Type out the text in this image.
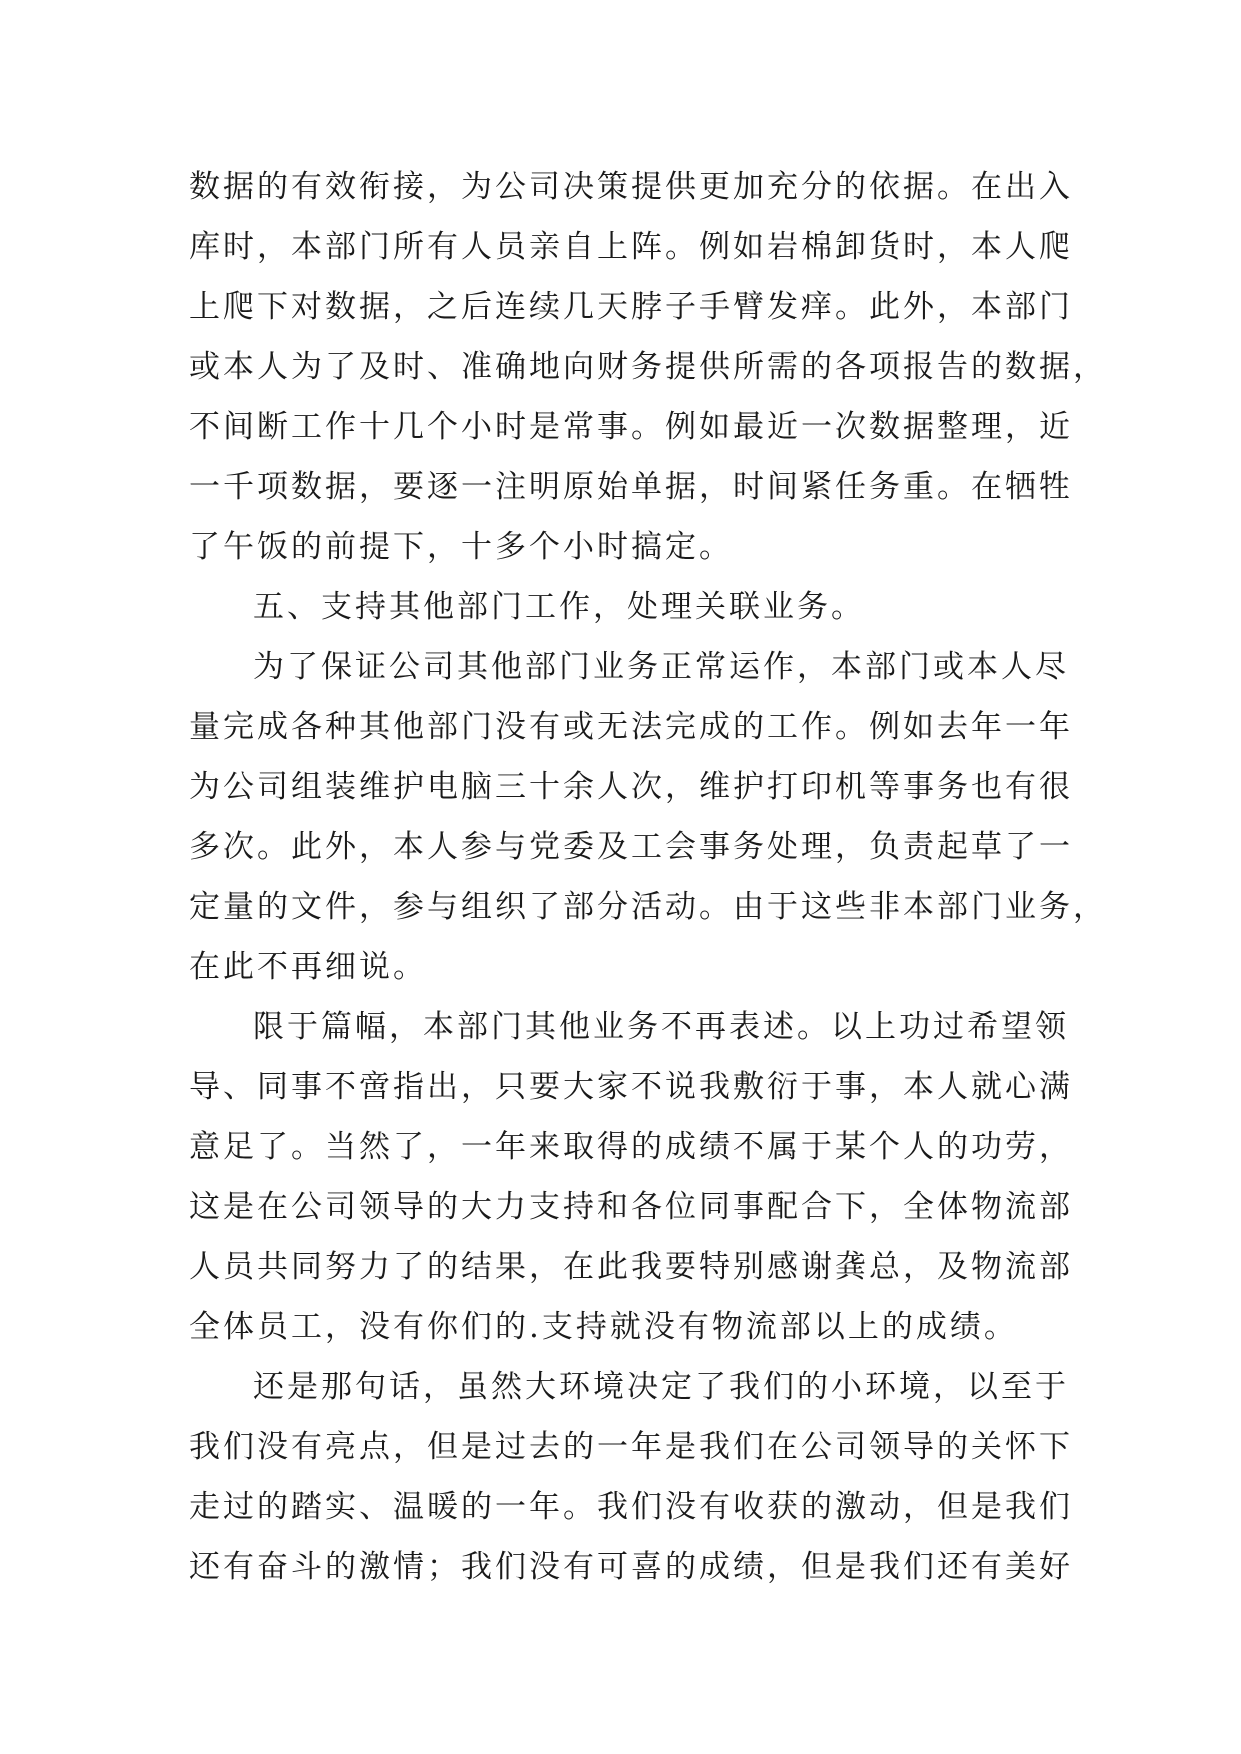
数据的有效衔接，为公司决策提供更加充分的依据。在出入
库时，本部门所有人员亲自上阵。例如岩棉卸货时，本人爬
上爬下对数据，之后连续几天脖子手臂发痒。此外，本部门
或本人为了及时、准确地向财务提供所需的各项报告的数据，
不间断工作十几个小时是常事。例如最近一次数据整理，近
一千项数据，要逐一注明原始单据，时间紧任务重。在牺牲
了午饭的前提下，十多个小时搞定。
五、支持其他部门工作，处理关联业务。
为了保证公司其他部门业务正常运作，本部门或本人尽
量完成各种其他部门没有或无法完成的工作。例如去年一年
为公司组装维护电脑三十余人次，维护打印机等事务也有很
多次。此外，本人参与党委及工会事务处理，负责起草了一
定量的文件，参与组织了部分活动。由于这些非本部门业务，
在此不再细说。
限于篇幅，本部门其他业务不再表述。以上功过希望领
导、同事不啻指出，只要大家不说我敷衍于事，本人就心满
意足了。当然了，一年来取得的成绩不属于某个人的功劳，
这是在公司领导的大力支持和各位同事配合下，全体物流部
人员共同努力了的结果，在此我要特别感谢龚总，及物流部
全体员工，没有你们的.支持就没有物流部以上的成绩。
还是那句话，虽然大环境决定了我们的小环境，以至于
我们没有亮点，但是过去的一年是我们在公司领导的关怀下
走过的踏实、温暖的一年。我们没有收获的激动，但是我们
还有奋斗的激情；我们没有可喜的成绩，但是我们还有美好
